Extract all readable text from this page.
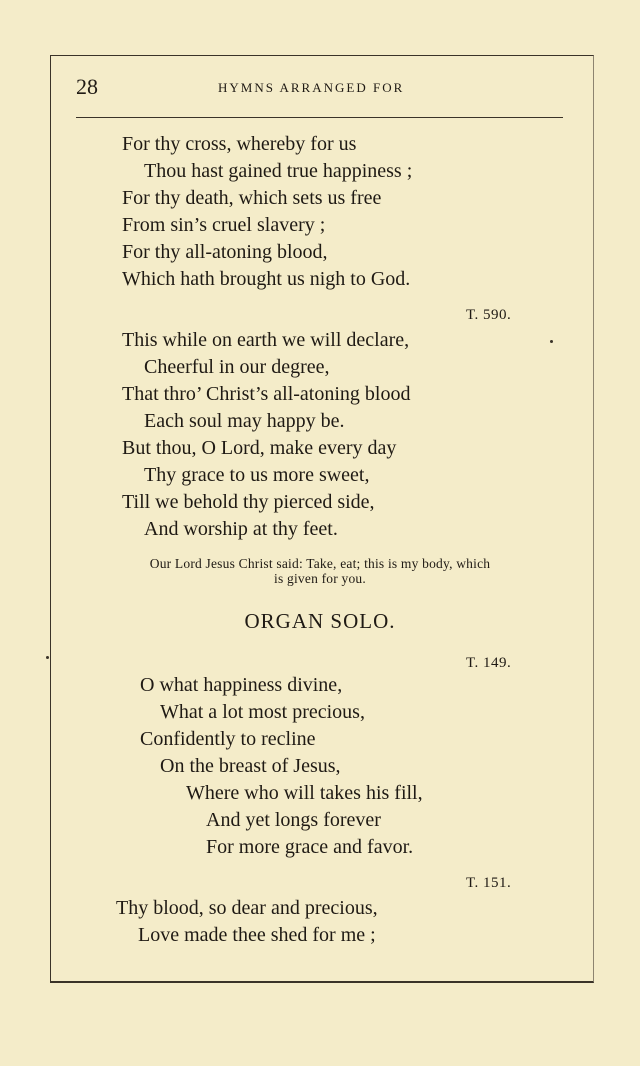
28	HYMNS ARRANGED FOR
For thy cross, whereby for us
Thou hast gained true happiness ;
For thy death, which sets us free
From sin’s cruel slavery ;
For thy all-atoning blood,
Which hath brought us nigh to God.
T. 590.
This while on earth we will declare,
Cheerful in our degree,
That thro’ Christ’s all-atoning blood
Each soul may happy be.
But thou, O Lord, make every day
Thy grace to us more sweet,
Till we behold thy pierced side,
And worship at thy feet.
Our Lord Jesus Christ said: Take, eat; this is my body, which
is given for you.
ORGAN SOLO.
T. 149.
O what happiness divine,
What a lot most precious,
Confidently to recline
On the breast of Jesus,
Where who will takes his fill,
And yet longs forever
For more grace and favor.
T. 151.
Thy blood, so dear and precious,
Love made thee shed for me ;
